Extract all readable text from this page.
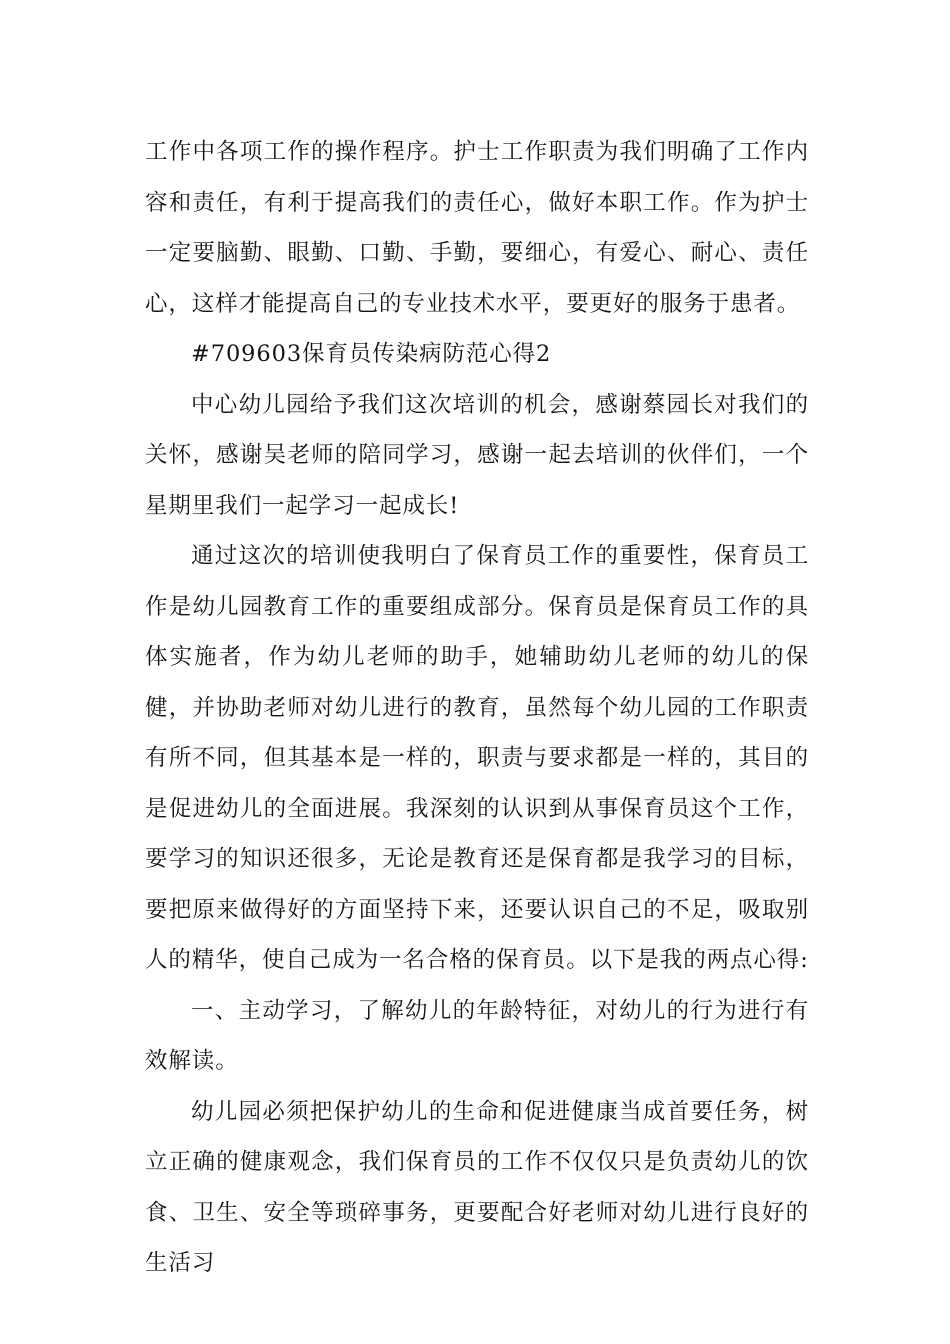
工作中各项工作的操作程序。护士工作职责为我们明确了工作内容和责任，有利于提高我们的责任心，做好本职工作。作为护士一定要脑勤、眼勤、口勤、手勤，要细心，有爱心、耐心、责任心，这样才能提高自己的专业技术水平，要更好的服务于患者。

#709603保育员传染病防范心得2

中心幼儿园给予我们这次培训的机会，感谢蔡园长对我们的关怀，感谢吴老师的陪同学习，感谢一起去培训的伙伴们，一个星期里我们一起学习一起成长!

通过这次的培训使我明白了保育员工作的重要性，保育员工作是幼儿园教育工作的重要组成部分。保育员是保育员工作的具体实施者，作为幼儿老师的助手，她辅助幼儿老师的幼儿的保健，并协助老师对幼儿进行的教育，虽然每个幼儿园的工作职责有所不同，但其基本是一样的，职责与要求都是一样的，其目的是促进幼儿的全面进展。我深刻的认识到从事保育员这个工作，要学习的知识还很多，无论是教育还是保育都是我学习的目标，要把原来做得好的方面坚持下来，还要认识自己的不足，吸取别人的精华，使自己成为一名合格的保育员。以下是我的两点心得:

一、主动学习，了解幼儿的年龄特征，对幼儿的行为进行有效解读。

幼儿园必须把保护幼儿的生命和促进健康当成首要任务，树立正确的健康观念，我们保育员的工作不仅仅只是负责幼儿的饮食、卫生、安全等琐碎事务，更要配合好老师对幼儿进行良好的生活习
